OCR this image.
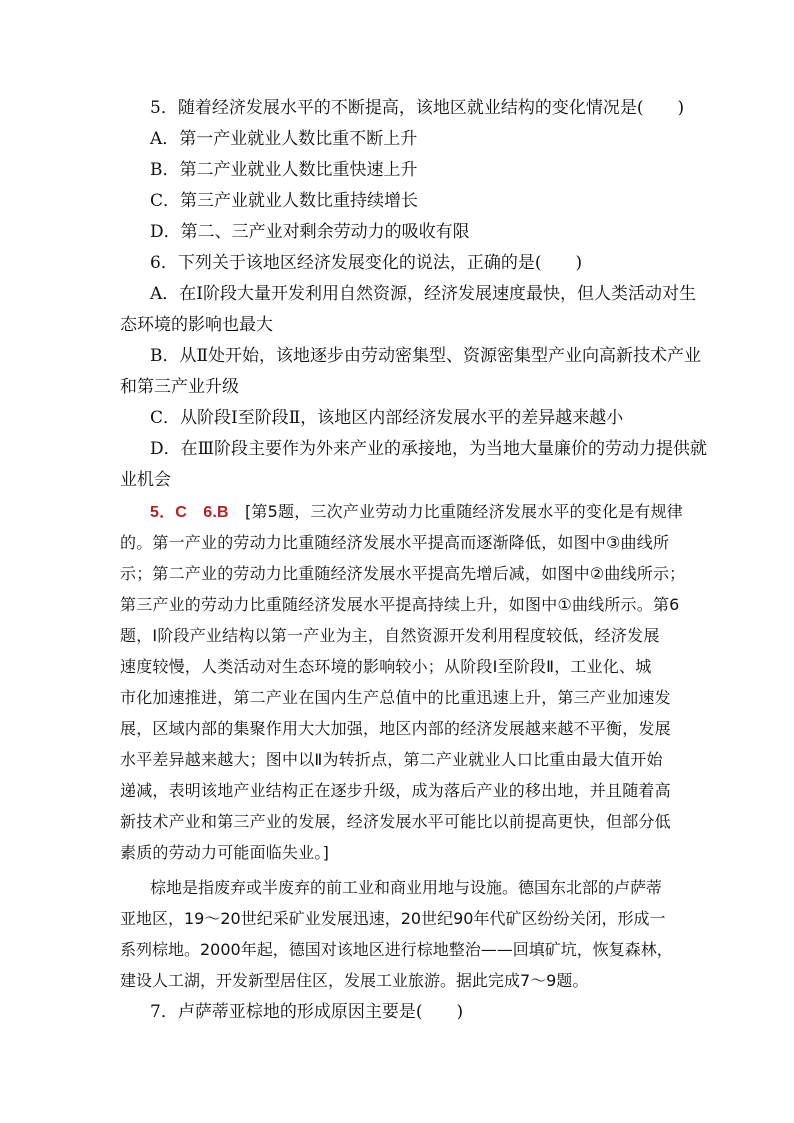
5．随着经济发展水平的不断提高，该地区就业结构的变化情况是(　　)
A．第一产业就业人数比重不断上升
B．第二产业就业人数比重快速上升
C．第三产业就业人数比重持续增长
D．第二、三产业对剩余劳动力的吸收有限
6．下列关于该地区经济发展变化的说法，正确的是(　　)
A．在Ⅰ阶段大量开发利用自然资源，经济发展速度最快，但人类活动对生
态环境的影响也最大
B．从Ⅱ处开始，该地逐步由劳动密集型、资源密集型产业向高新技术产业
和第三产业升级
C．从阶段Ⅰ至阶段Ⅱ，该地区内部经济发展水平的差异越来越小
D．在Ⅲ阶段主要作为外来产业的承接地，为当地大量廉价的劳动力提供就
业机会
5．C　6.B　 [第5题，三次产业劳动力比重随经济发展水平的变化是有规律
的。第一产业的劳动力比重随经济发展水平提高而逐渐降低，如图中③曲线所
示；第二产业的劳动力比重随经济发展水平提高先增后减，如图中②曲线所示；
第三产业的劳动力比重随经济发展水平提高持续上升，如图中①曲线所示。第6
题，Ⅰ阶段产业结构以第一产业为主，自然资源开发利用程度较低，经济发展
速度较慢，人类活动对生态环境的影响较小；从阶段Ⅰ至阶段Ⅱ，工业化、城
市化加速推进，第二产业在国内生产总值中的比重迅速上升，第三产业加速发
展，区域内部的集聚作用大大加强，地区内部的经济发展越来越不平衡，发展
水平差异越来越大；图中以Ⅱ为转折点，第二产业就业人口比重由最大值开始
递减，表明该地产业结构正在逐步升级，成为落后产业的移出地，并且随着高
新技术产业和第三产业的发展，经济发展水平可能比以前提高更快，但部分低
素质的劳动力可能面临失业。]
棕地是指废弃或半废弃的前工业和商业用地与设施。德国东北部的卢萨蒂
亚地区，19～20世纪采矿业发展迅速，20世纪90年代矿区纷纷关闭，形成一
系列棕地。2000年起，德国对该地区进行棕地整治——回填矿坑，恢复森林，
建设人工湖，开发新型居住区，发展工业旅游。据此完成7～9题。
7．卢萨蒂亚棕地的形成原因主要是(　　)
